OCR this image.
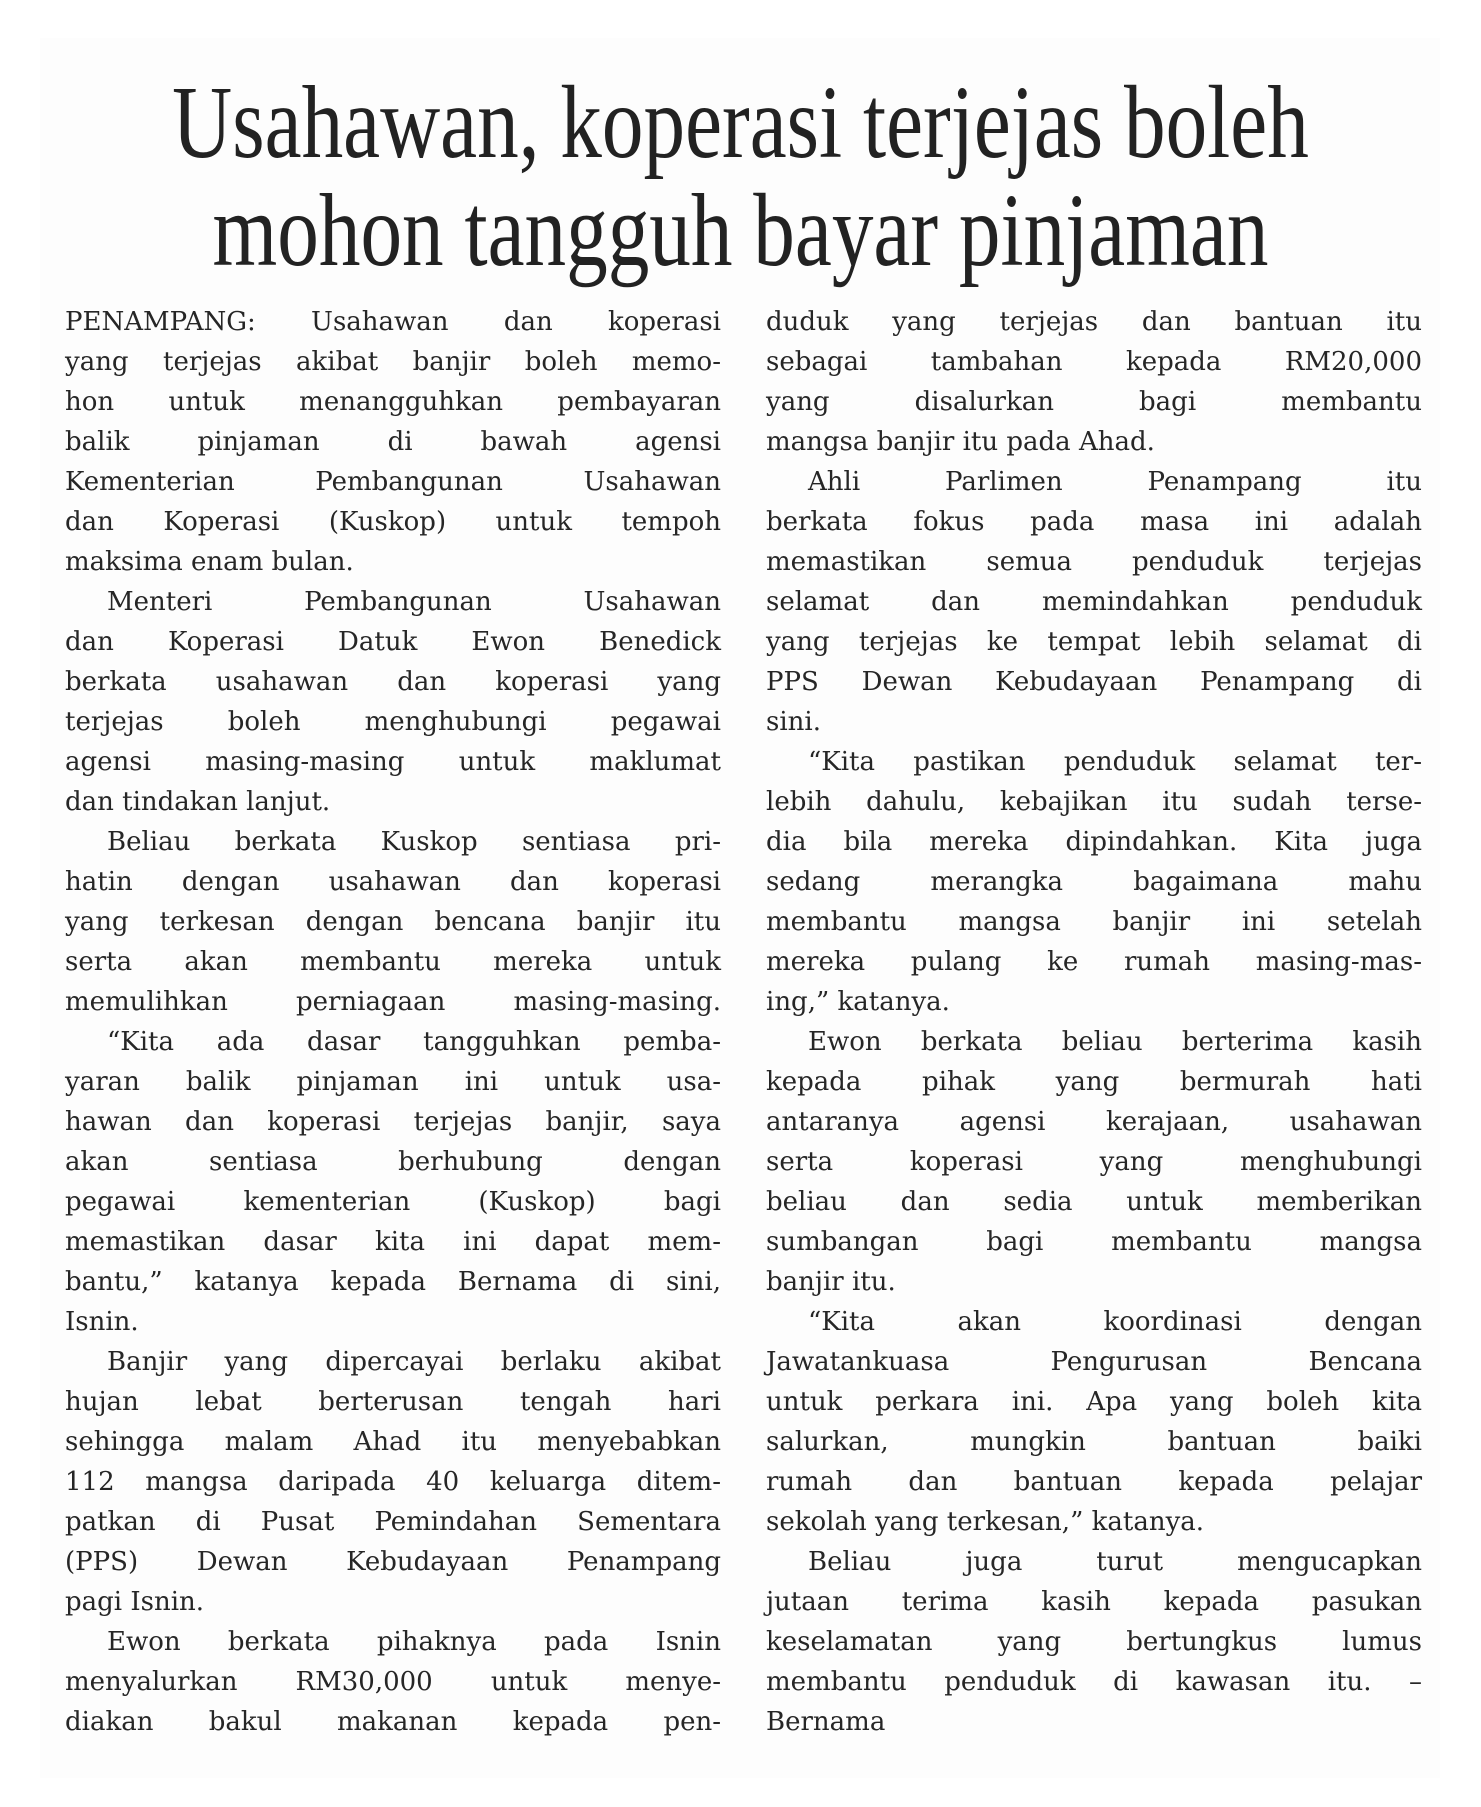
Usahawan, koperasi terjejas boleh
mohon tangguh bayar pinjaman
PENAMPANG: Usahawan dan koperasi
yang terjejas akibat banjir boleh memo-
hon untuk menangguhkan pembayaran
balik pinjaman di bawah agensi
Kementerian Pembangunan Usahawan
dan Koperasi (Kuskop) untuk tempoh
maksima enam bulan.
Menteri Pembangunan Usahawan
dan Koperasi Datuk Ewon Benedick
berkata usahawan dan koperasi yang
terjejas boleh menghubungi pegawai
agensi masing-masing untuk maklumat
dan tindakan lanjut.
Beliau berkata Kuskop sentiasa pri-
hatin dengan usahawan dan koperasi
yang terkesan dengan bencana banjir itu
serta akan membantu mereka untuk
memulihkan perniagaan masing-masing.
“Kita ada dasar tangguhkan pemba-
yaran balik pinjaman ini untuk usa-
hawan dan koperasi terjejas banjir, saya
akan sentiasa berhubung dengan
pegawai kementerian (Kuskop) bagi
memastikan dasar kita ini dapat mem-
bantu,” katanya kepada Bernama di sini,
Isnin.
Banjir yang dipercayai berlaku akibat
hujan lebat berterusan tengah hari
sehingga malam Ahad itu menyebabkan
112 mangsa daripada 40 keluarga ditem-
patkan di Pusat Pemindahan Sementara
(PPS) Dewan Kebudayaan Penampang
pagi Isnin.
Ewon berkata pihaknya pada Isnin
menyalurkan RM30,000 untuk menye-
diakan bakul makanan kepada pen-
duduk yang terjejas dan bantuan itu
sebagai tambahan kepada RM20,000
yang disalurkan bagi membantu
mangsa banjir itu pada Ahad.
Ahli Parlimen Penampang itu
berkata fokus pada masa ini adalah
memastikan semua penduduk terjejas
selamat dan memindahkan penduduk
yang terjejas ke tempat lebih selamat di
PPS Dewan Kebudayaan Penampang di
sini.
“Kita pastikan penduduk selamat ter-
lebih dahulu, kebajikan itu sudah terse-
dia bila mereka dipindahkan. Kita juga
sedang merangka bagaimana mahu
membantu mangsa banjir ini setelah
mereka pulang ke rumah masing-mas-
ing,” katanya.
Ewon berkata beliau berterima kasih
kepada pihak yang bermurah hati
antaranya agensi kerajaan, usahawan
serta koperasi yang menghubungi
beliau dan sedia untuk memberikan
sumbangan bagi membantu mangsa
banjir itu.
“Kita akan koordinasi dengan
Jawatankuasa Pengurusan Bencana
untuk perkara ini. Apa yang boleh kita
salurkan, mungkin bantuan baiki
rumah dan bantuan kepada pelajar
sekolah yang terkesan,” katanya.
Beliau juga turut mengucapkan
jutaan terima kasih kepada pasukan
keselamatan yang bertungkus lumus
membantu penduduk di kawasan itu. –
Bernama
